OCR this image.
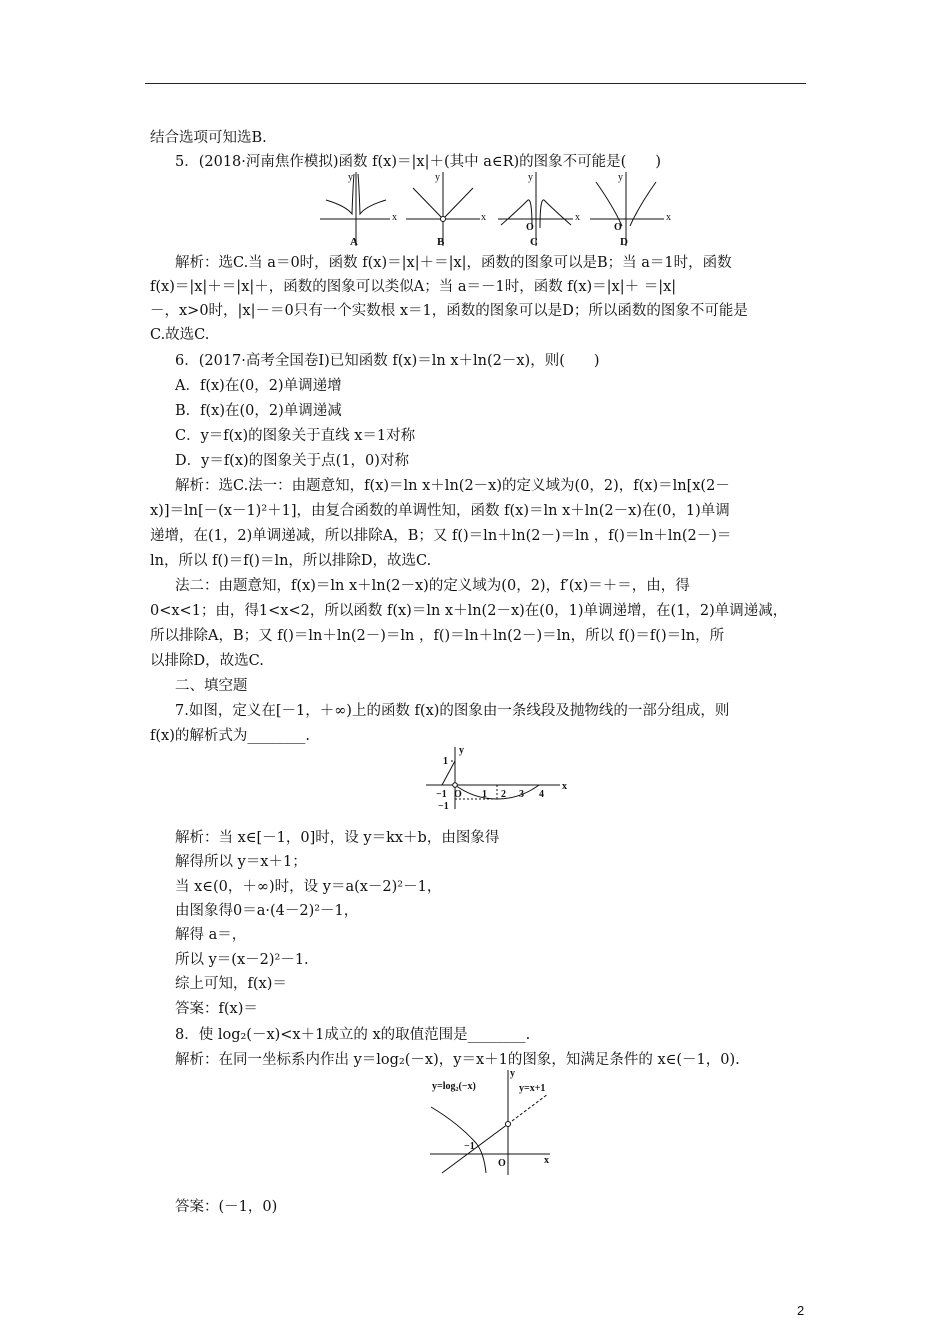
结合选项可知选B.
5．(2018·河南焦作模拟)函数 f(x)＝|x|＋(其中 a∈R)的图象不可能是(　　)
y
x
y
x
y
O
x
y
O
x
A	B	C	D
解析：选C.当 a＝0时，函数 f(x)＝|x|＋＝|x|，函数的图象可以是B；当 a＝1时，函数
f(x)＝|x|＋＝|x|＋，函数的图象可以类似A；当 a＝－1时，函数 f(x)＝|x|＋ ＝|x|
－，x>0时，|x|－＝0只有一个实数根 x＝1，函数的图象可以是D；所以函数的图象不可能是
C.故选C.
6．(2017·高考全国卷Ⅰ)已知函数 f(x)＝ln x＋ln(2－x)，则(　　)
A．f(x)在(0，2)单调递增
B．f(x)在(0，2)单调递减
C．y＝f(x)的图象关于直线 x＝1对称
D．y＝f(x)的图象关于点(1，0)对称
解析：选C.法一：由题意知，f(x)＝ln x＋ln(2－x)的定义域为(0，2)，f(x)＝ln[x(2－
x)]＝ln[－(x－1)²＋1]，由复合函数的单调性知，函数 f(x)＝ln x＋ln(2－x)在(0，1)单调
递增，在(1，2)单调递减，所以排除A，B；又 f()＝ln＋ln(2－)＝ln ，f()＝ln＋ln(2－)＝
ln，所以 f()＝f()＝ln，所以排除D，故选C.
法二：由题意知，f(x)＝ln x＋ln(2－x)的定义域为(0，2)，f′(x)＝＋＝，由，得
0<x<1；由，得1<x<2，所以函数 f(x)＝ln x＋ln(2－x)在(0，1)单调递增，在(1，2)单调递减，
所以排除A，B；又 f()＝ln＋ln(2－)＝ln ，f()＝ln＋ln(2－)＝ln，所以 f()＝f()＝ln，所
以排除D，故选C.
二、填空题
7.如图，定义在[－1，＋∞)上的函数 f(x)的图象由一条线段及抛物线的一部分组成，则
f(x)的解析式为________.
y
x
1
−1 O 1 2 3 4
−1
解析：当 x∈[－1，0]时，设 y＝kx＋b，由图象得
解得所以 y＝x＋1；
当 x∈(0，＋∞)时，设 y＝a(x－2)²－1，
由图象得0＝a·(4－2)²－1，
解得 a＝，
所以 y＝(x－2)²－1.
综上可知，f(x)＝
答案：f(x)＝
8．使 log₂(－x)<x＋1成立的 x的取值范围是________.
解析：在同一坐标系内作出 y＝log₂(－x)，y＝x＋1的图象，知满足条件的 x∈(－1，0).
y=log₂(−x)	y=x+1
y
x
−1
O
答案：(－1，0)
2
